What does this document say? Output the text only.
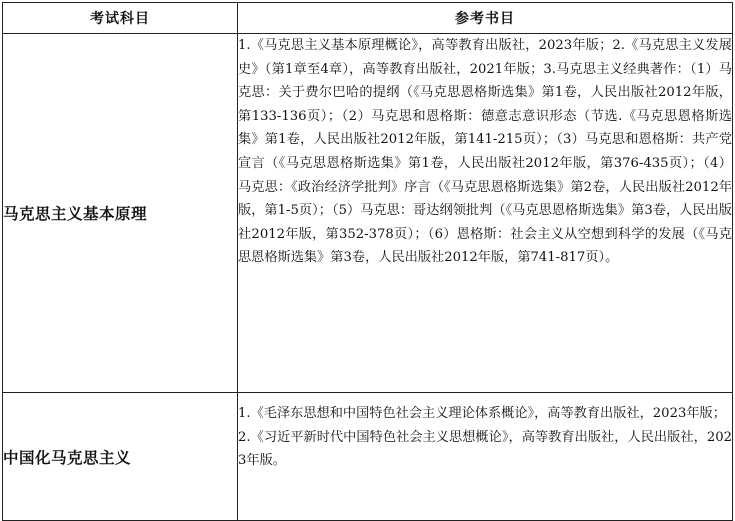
考试科目	参考书目
马克思主义基本原理	1.《马克思主义基本原理概论》，高等教育出版社，2023年版；2.《马克思主义发展史》（第1章至4章），高等教育出版社，2021年版；3.马克思主义经典著作：（1）马克思：关于费尔巴哈的提纲（《马克思恩格斯选集》第1卷，人民出版社2012年版，第133-136页）；（2）马克思和恩格斯：德意志意识形态（节选.《马克思恩格斯选集》第1卷，人民出版社2012年版，第141-215页）；（3）马克思和恩格斯：共产党宣言（《马克思恩格斯选集》第1卷，人民出版社2012年版，第376-435页）；（4）马克思：《政治经济学批判》序言（《马克思恩格斯选集》第2卷，人民出版社2012年版，第1-5页）；（5）马克思：哥达纲领批判（《马克思恩格斯选集》第3卷，人民出版社2012年版，第352-378页）；（6）恩格斯：社会主义从空想到科学的发展（《马克思恩格斯选集》第3卷，人民出版社2012年版，第741-817页）。
中国化马克思主义	1.《毛泽东思想和中国特色社会主义理论体系概论》，高等教育出版社，2023年版；
2.《习近平新时代中国特色社会主义思想概论》，高等教育出版社，人民出版社，2023年版。
